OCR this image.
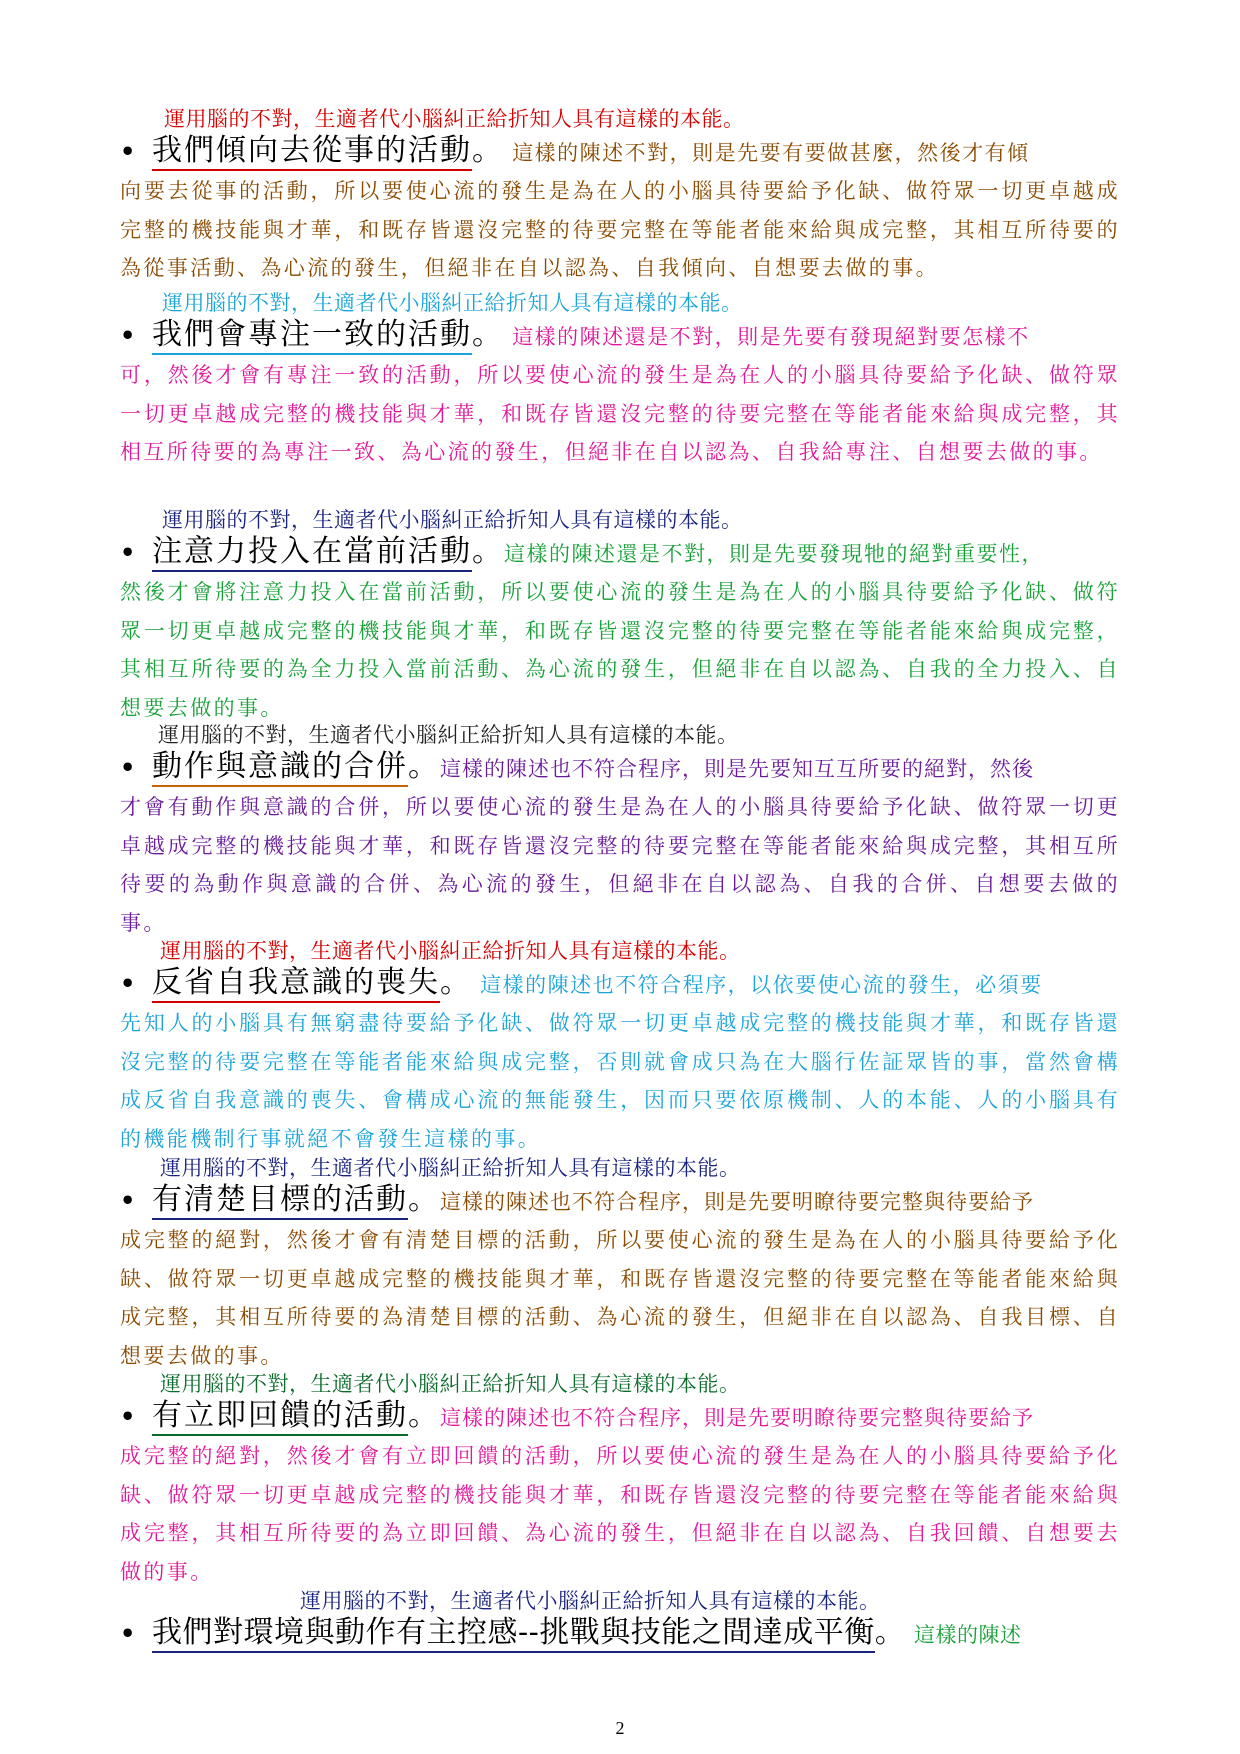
運用腦的不對，生適者代小腦糾正給折知人具有這樣的本能。
• 我們傾向去從事的活動。 這樣的陳述不對，則是先要有要做甚麼，然後才有傾
向要去從事的活動，所以要使心流的發生是為在人的小腦具待要給予化缺、做符眾一切更卓越成完整的機技能與才華，和既存皆還沒完整的待要完整在等能者能來給與成完整，其相互所待要的為從事活動、為心流的發生，但絕非在自以認為、自我傾向、自想要去做的事。
運用腦的不對，生適者代小腦糾正給折知人具有這樣的本能。
• 我們會專注一致的活動。 這樣的陳述還是不對，則是先要有發現絕對要怎樣不
可，然後才會有專注一致的活動，所以要使心流的發生是為在人的小腦具待要給予化缺、做符眾一切更卓越成完整的機技能與才華，和既存皆還沒完整的待要完整在等能者能來給與成完整，其相互所待要的為專注一致、為心流的發生，但絕非在自以認為、自我給專注、自想要去做的事。
運用腦的不對，生適者代小腦糾正給折知人具有這樣的本能。
• 注意力投入在當前活動。這樣的陳述還是不對，則是先要發現牠的絕對重要性，
然後才會將注意力投入在當前活動，所以要使心流的發生是為在人的小腦具待要給予化缺、做符眾一切更卓越成完整的機技能與才華，和既存皆還沒完整的待要完整在等能者能來給與成完整，其相互所待要的為全力投入當前活動、為心流的發生，但絕非在自以認為、自我的全力投入、自想要去做的事。
運用腦的不對，生適者代小腦糾正給折知人具有這樣的本能。
• 動作與意識的合併。這樣的陳述也不符合程序，則是先要知互互所要的絕對，然後
才會有動作與意識的合併，所以要使心流的發生是為在人的小腦具待要給予化缺、做符眾一切更卓越成完整的機技能與才華，和既存皆還沒完整的待要完整在等能者能來給與成完整，其相互所待要的為動作與意識的合併、為心流的發生，但絕非在自以認為、自我的合併、自想要去做的事。
運用腦的不對，生適者代小腦糾正給折知人具有這樣的本能。
• 反省自我意識的喪失。 這樣的陳述也不符合程序，以依要使心流的發生，必須要
先知人的小腦具有無窮盡待要給予化缺、做符眾一切更卓越成完整的機技能與才華，和既存皆還沒完整的待要完整在等能者能來給與成完整，否則就會成只為在大腦行佐証眾皆的事，當然會構成反省自我意識的喪失、會構成心流的無能發生，因而只要依原機制、人的本能、人的小腦具有的機能機制行事就絕不會發生這樣的事。
運用腦的不對，生適者代小腦糾正給折知人具有這樣的本能。
• 有清楚目標的活動。這樣的陳述也不符合程序，則是先要明瞭待要完整與待要給予
成完整的絕對，然後才會有清楚目標的活動，所以要使心流的發生是為在人的小腦具待要給予化缺、做符眾一切更卓越成完整的機技能與才華，和既存皆還沒完整的待要完整在等能者能來給與成完整，其相互所待要的為清楚目標的活動、為心流的發生，但絕非在自以認為、自我目標、自想要去做的事。
運用腦的不對，生適者代小腦糾正給折知人具有這樣的本能。
• 有立即回饋的活動。這樣的陳述也不符合程序，則是先要明瞭待要完整與待要給予
成完整的絕對，然後才會有立即回饋的活動，所以要使心流的發生是為在人的小腦具待要給予化缺、做符眾一切更卓越成完整的機技能與才華，和既存皆還沒完整的待要完整在等能者能來給與成完整，其相互所待要的為立即回饋、為心流的發生，但絕非在自以認為、自我回饋、自想要去做的事。
運用腦的不對，生適者代小腦糾正給折知人具有這樣的本能。
• 我們對環境與動作有主控感--挑戰與技能之間達成平衡。 這樣的陳述
2
